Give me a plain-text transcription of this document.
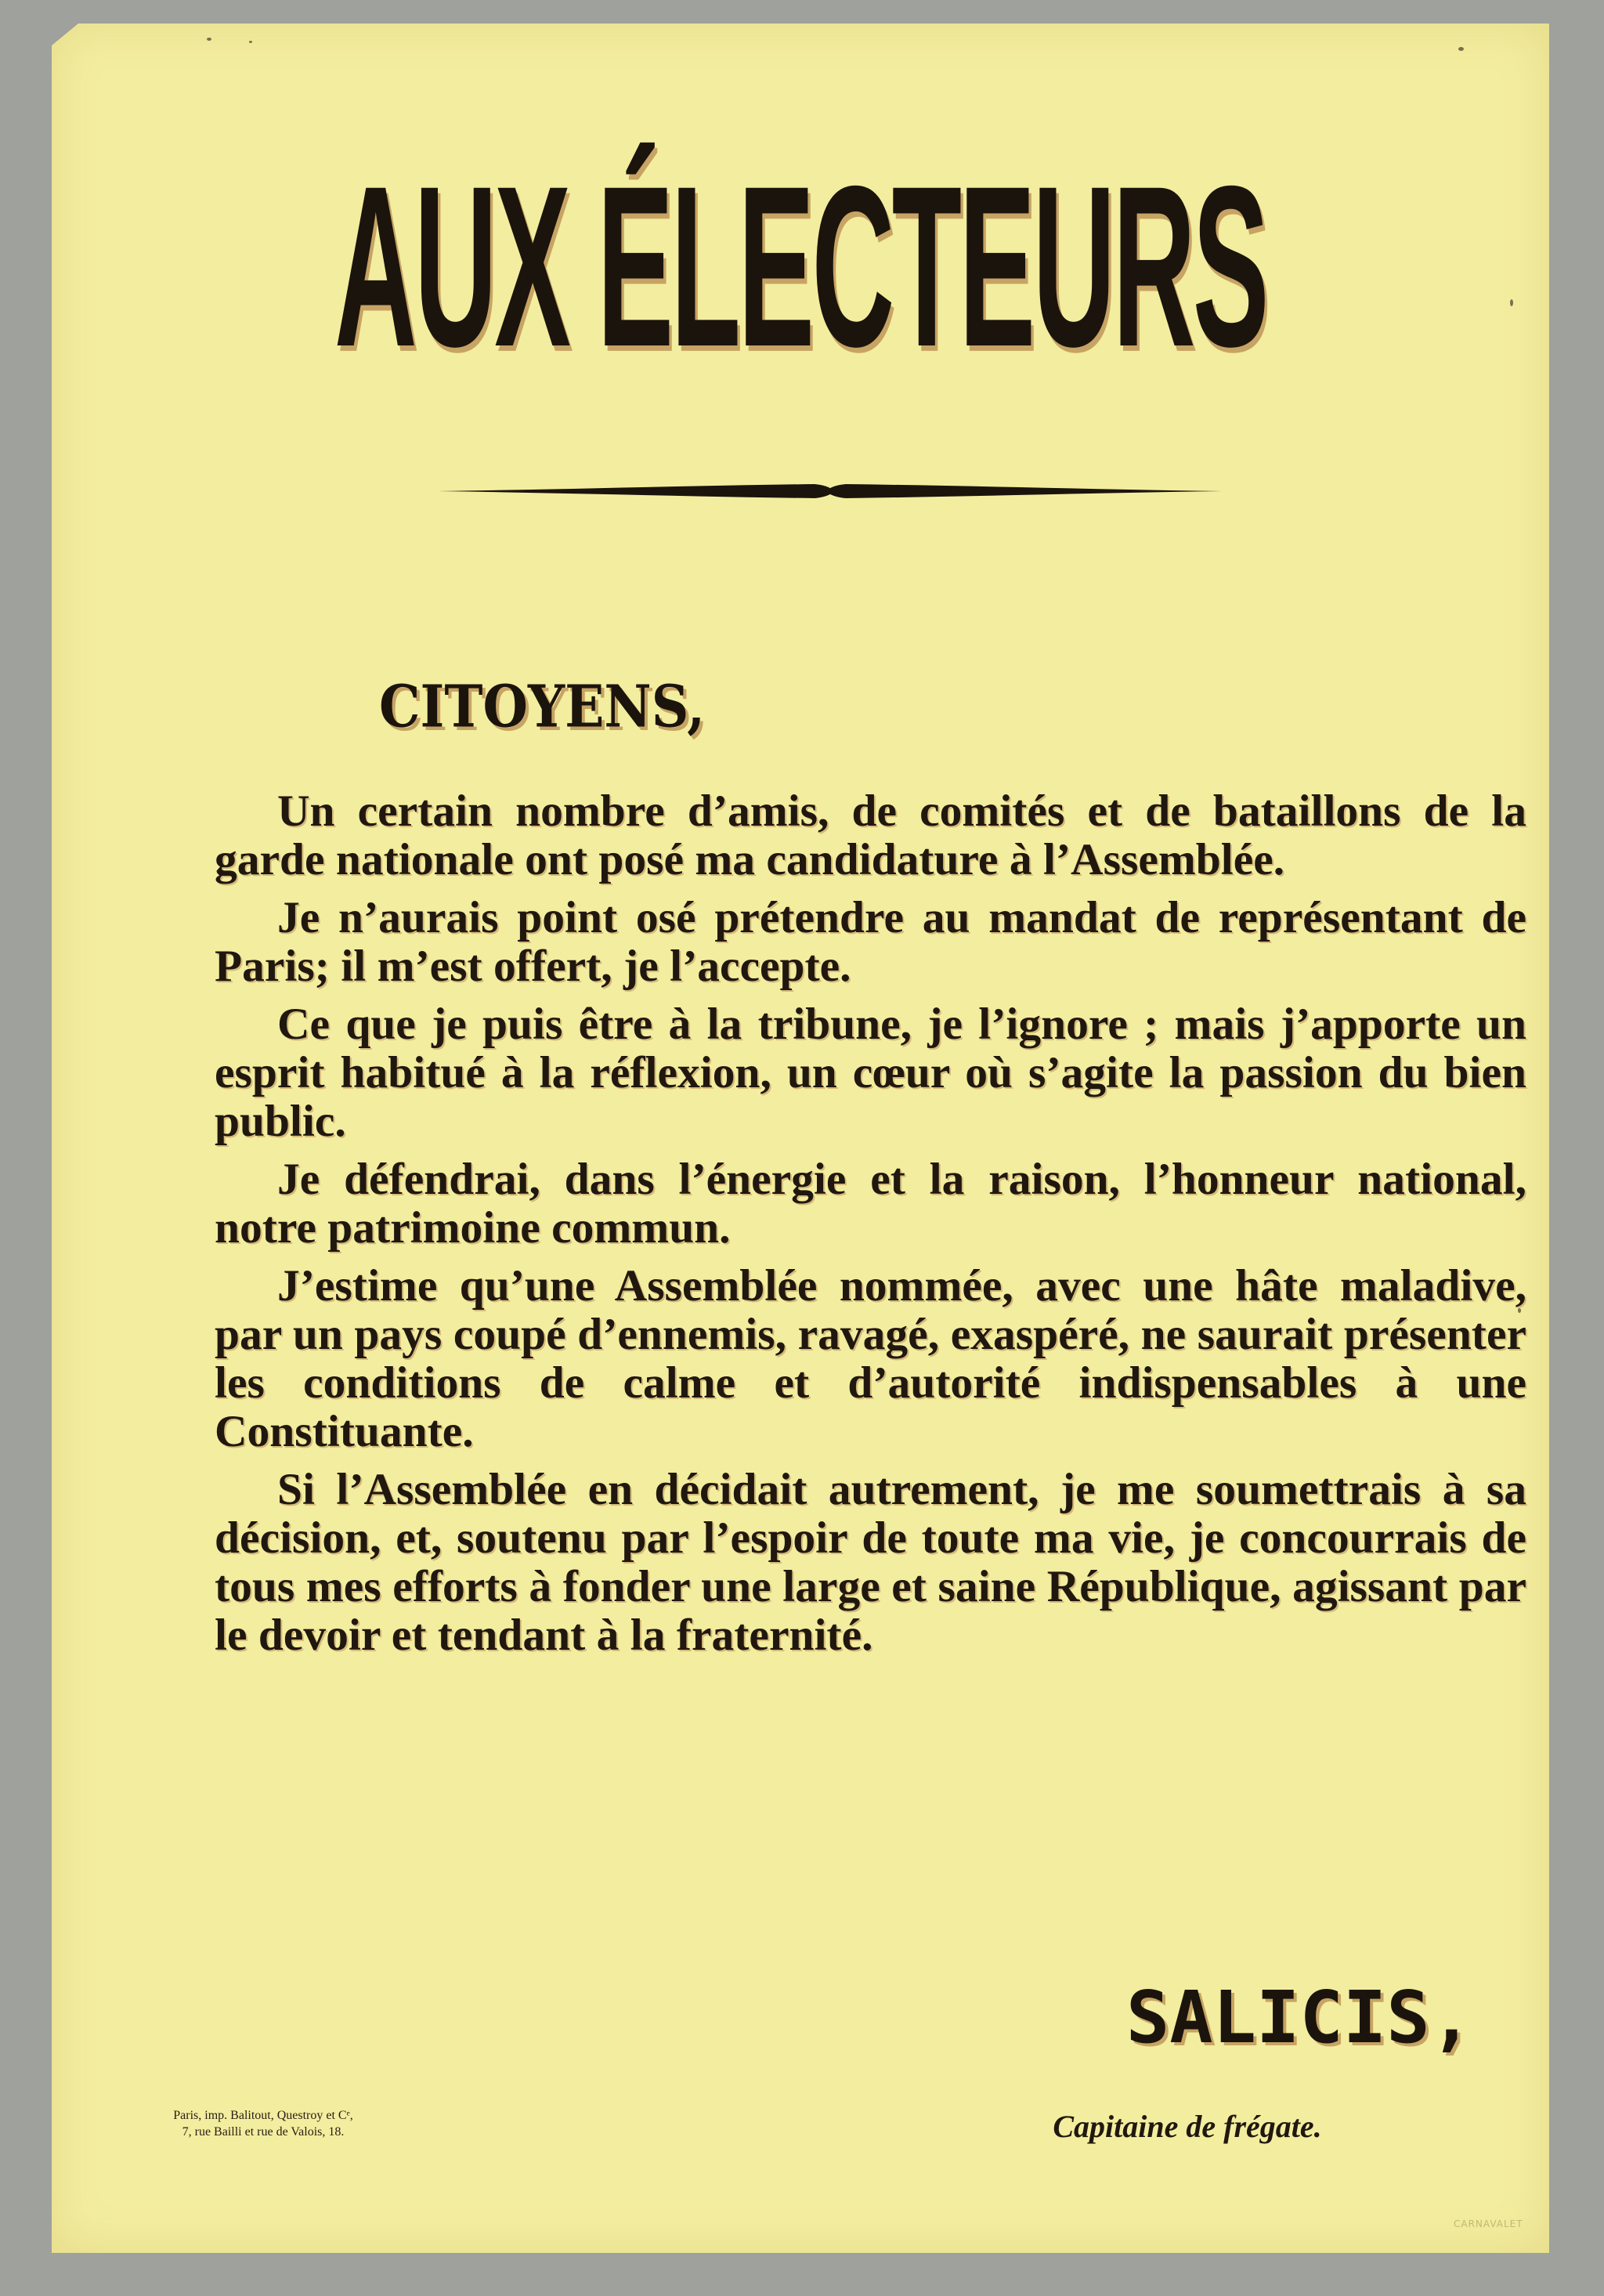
AUX ÉLECTEURS
CITOYENS,

Un certain nombre d’amis, de comités et de bataillons de la garde nationale ont posé ma candidature à l’Assemblée.

Je n’aurais point osé prétendre au mandat de représentant de Paris; il m’est offert, je l’accepte.

Ce que je puis être à la tribune, je l’ignore ; mais j’apporte un esprit habitué à la réflexion, un cœur où s’agite la passion du bien public.

Je défendrai, dans l’énergie et la raison, l’honneur national, notre patrimoine commun.

J’estime qu’une Assemblée nommée, avec une hâte maladive, par un pays coupé d’ennemis, ravagé, exaspéré, ne saurait présenter les conditions de calme et d’autorité indispensables à une Constituante.

Si l’Assemblée en décidait autrement, je me soumettrais à sa décision, et, soutenu par l’espoir de toute ma vie, je concourrais de tous mes efforts à fonder une large et saine République, agissant par le devoir et tendant à la fraternité.

Paris, imp. Balitout, Questroy et Cᵉ,
7, rue Bailli et rue de Valois, 18.
SALICIS,
Capitaine de frégate.
CARNAVALET
